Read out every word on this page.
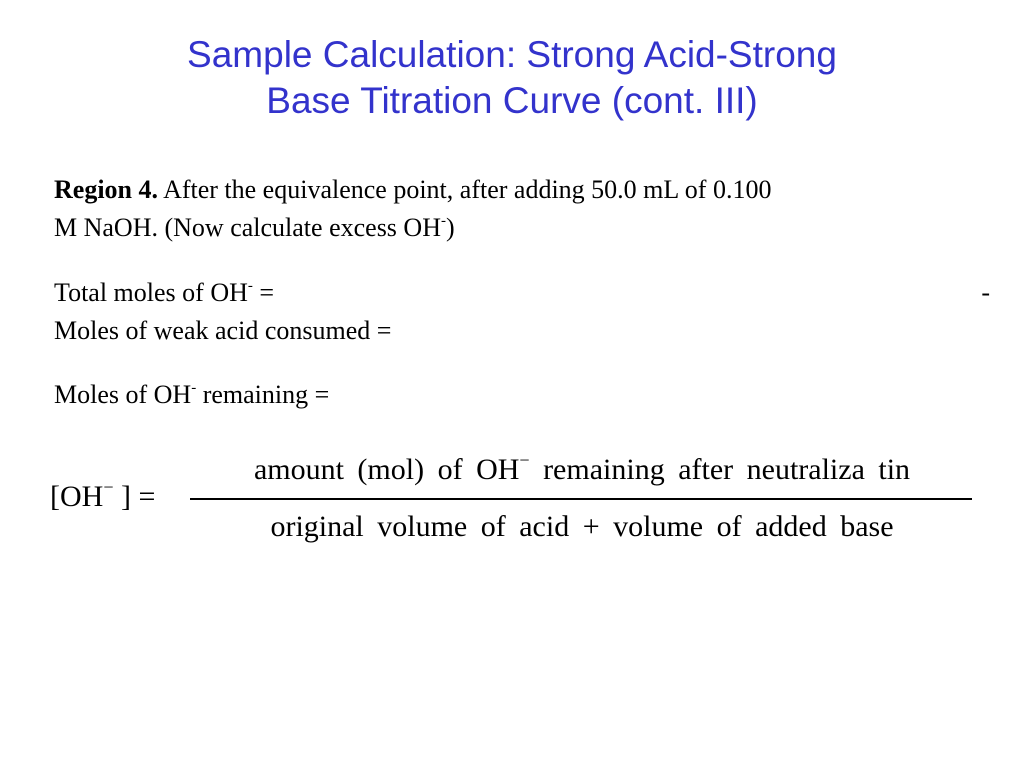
Sample Calculation: Strong Acid-Strong
Base Titration Curve (cont. III)
Region 4. After the equivalence point, after adding 50.0 mL of 0.100
M NaOH. (Now calculate excess OH-)
Total moles of OH- =	-
Moles of weak acid consumed =
Moles of OH- remaining =
[OH− ] =
amount (mol) of OH− remaining after neutraliza tin
original volume of acid + volume of added base
